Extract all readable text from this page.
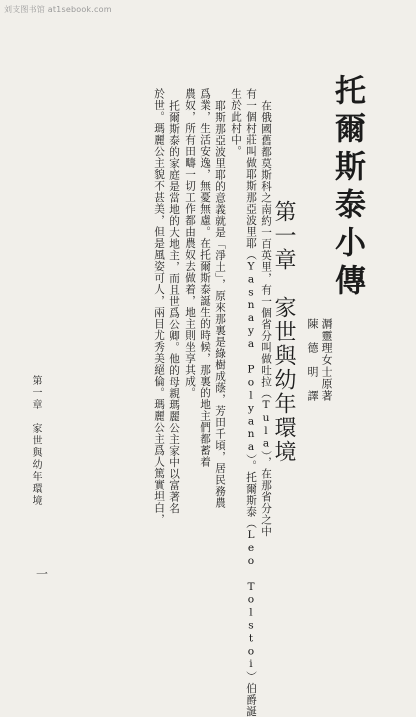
刘支图书馆 at1sebook.com
托爾斯泰小傳
第一章　家世與幼年環境 漘靈理女士原著
陳　德　明　譯
在俄國舊都莫斯科之南約一百英里，有一個省分叫做吐拉（Tula），在那省分之中
有一個村莊叫做耶斯那亞波里耶（Yasnaya Polyana）。托爾斯泰（Leo Tolstoi）伯爵誕
生於此村中。
耶斯那亞波里耶的意義就是「淨土」，原來那裏是綠樹成蔭，芳田千頃，居民務農
爲業，生活安逸，無憂無慮。在托爾斯泰誕生的時候，那裏的地主們都蓄着
農奴，所有田疇一切工作都由農奴去做着，地主則坐享其成。
托爾斯泰的家庭是當地的大地主，而且世爲公卿。他的母親瑪麗公主家中以富著名
於世。瑪麗公主貌不甚美，但是風姿可人，兩目尤秀美絕倫。瑪麗公主爲人篤實坦白，
第一章　家世與幼年環境
一
